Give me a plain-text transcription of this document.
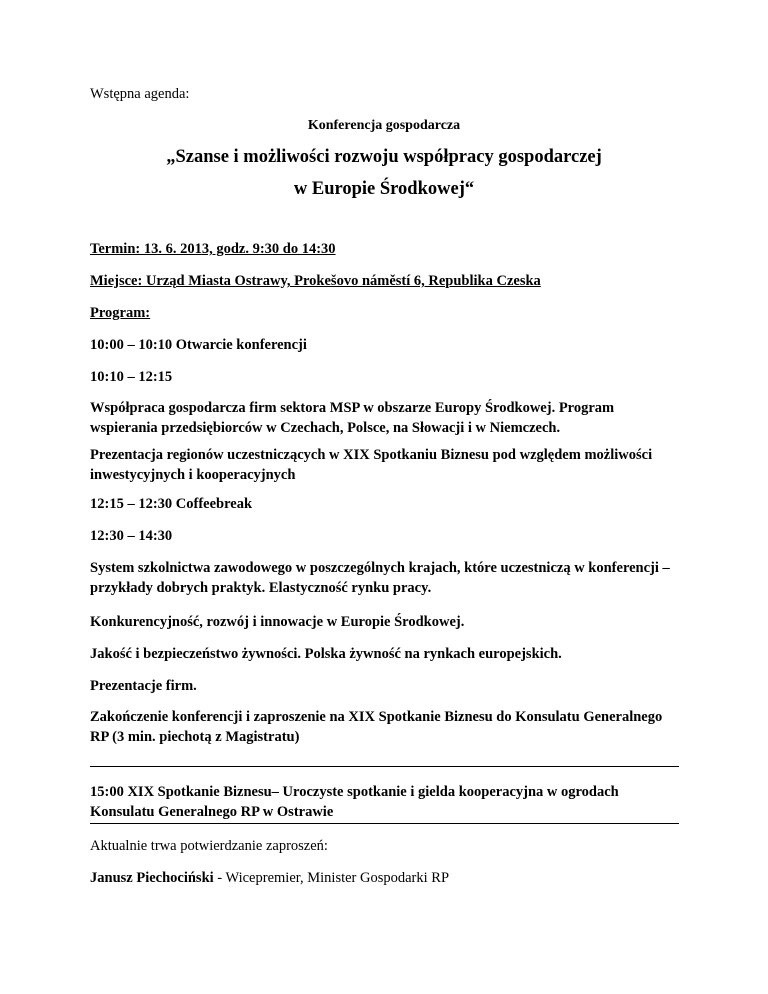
Wstępna agenda:

Konferencja gospodarcza

„Szanse i możliwości rozwoju współpracy gospodarczej

w Europie Środkowej“

Termin: 13. 6. 2013, godz. 9:30 do 14:30

Miejsce: Urząd Miasta Ostrawy, Prokešovo náměstí 6, Republika Czeska

Program:

10:00 – 10:10 Otwarcie konferencji

10:10 – 12:15

Współpraca gospodarcza firm sektora MSP w obszarze Europy Środkowej. Program wspierania przedsiębiorców w Czechach, Polsce, na Słowacji i w Niemczech.

Prezentacja regionów uczestniczących w XIX Spotkaniu Biznesu pod względem możliwości inwestycyjnych i kooperacyjnych

12:15 – 12:30 Coffeebreak

12:30 – 14:30

System szkolnictwa zawodowego w poszczególnych krajach, które uczestniczą w konferencji – przykłady dobrych praktyk. Elastyczność rynku pracy.

Konkurencyjność, rozwój i innowacje w Europie Środkowej.

Jakość i bezpieczeństwo żywności. Polska żywność na rynkach europejskich.

Prezentacje firm.

Zakończenie konferencji i zaproszenie na XIX Spotkanie Biznesu do Konsulatu Generalnego RP (3 min. piechotą z Magistratu)

15:00 XIX Spotkanie Biznesu– Uroczyste spotkanie i gielda kooperacyjna w ogrodach Konsulatu Generalnego RP w Ostrawie

Aktualnie trwa potwierdzanie zaproszeń:

Janusz Piechociński - Wicepremier, Minister Gospodarki RP
